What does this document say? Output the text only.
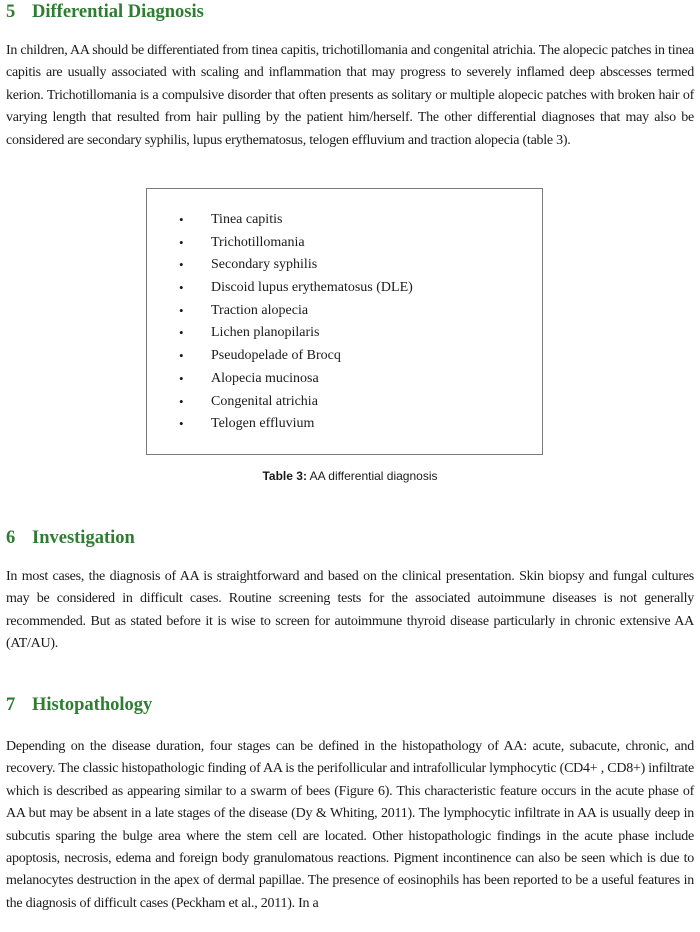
5 Differential Diagnosis

In children, AA should be differentiated from tinea capitis, trichotillomania and congenital atrichia. The alopecic patches in tinea capitis are usually associated with scaling and inflammation that may progress to severely inflamed deep abscesses termed kerion. Trichotillomania is a compulsive disorder that often presents as solitary or multiple alopecic patches with broken hair of varying length that resulted from hair pulling by the patient him/herself. The other differential diagnoses that may also be considered are secondary syphilis, lupus erythematosus, telogen effluvium and traction alopecia (table 3).

• Tinea capitis
• Trichotillomania
• Secondary syphilis
• Discoid lupus erythematosus (DLE)
• Traction alopecia
• Lichen planopilaris
• Pseudopelade of Brocq
• Alopecia mucinosa
• Congenital atrichia
• Telogen effluvium

Table 3: AA differential diagnosis

6 Investigation

In most cases, the diagnosis of AA is straightforward and based on the clinical presentation. Skin biopsy and fungal cultures may be considered in difficult cases. Routine screening tests for the associated autoimmune diseases is not generally recommended. But as stated before it is wise to screen for autoimmune thyroid disease particularly in chronic extensive AA (AT/AU).

7 Histopathology

Depending on the disease duration, four stages can be defined in the histopathology of AA: acute, subacute, chronic, and recovery. The classic histopathologic finding of AA is the perifollicular and intrafollicular lymphocytic (CD4+ , CD8+) infiltrate which is described as appearing similar to a swarm of bees (Figure 6). This characteristic feature occurs in the acute phase of AA but may be absent in a late stages of the disease (Dy & Whiting, 2011). The lymphocytic infiltrate in AA is usually deep in subcutis sparing the bulge area where the stem cell are located. Other histopathologic findings in the acute phase include apoptosis, necrosis, edema and foreign body granulomatous reactions. Pigment incontinence can also be seen which is due to melanocytes destruction in the apex of dermal papillae. The presence of eosinophils has been reported to be a useful features in the diagnosis of difficult cases (Peckham et al., 2011). In a
